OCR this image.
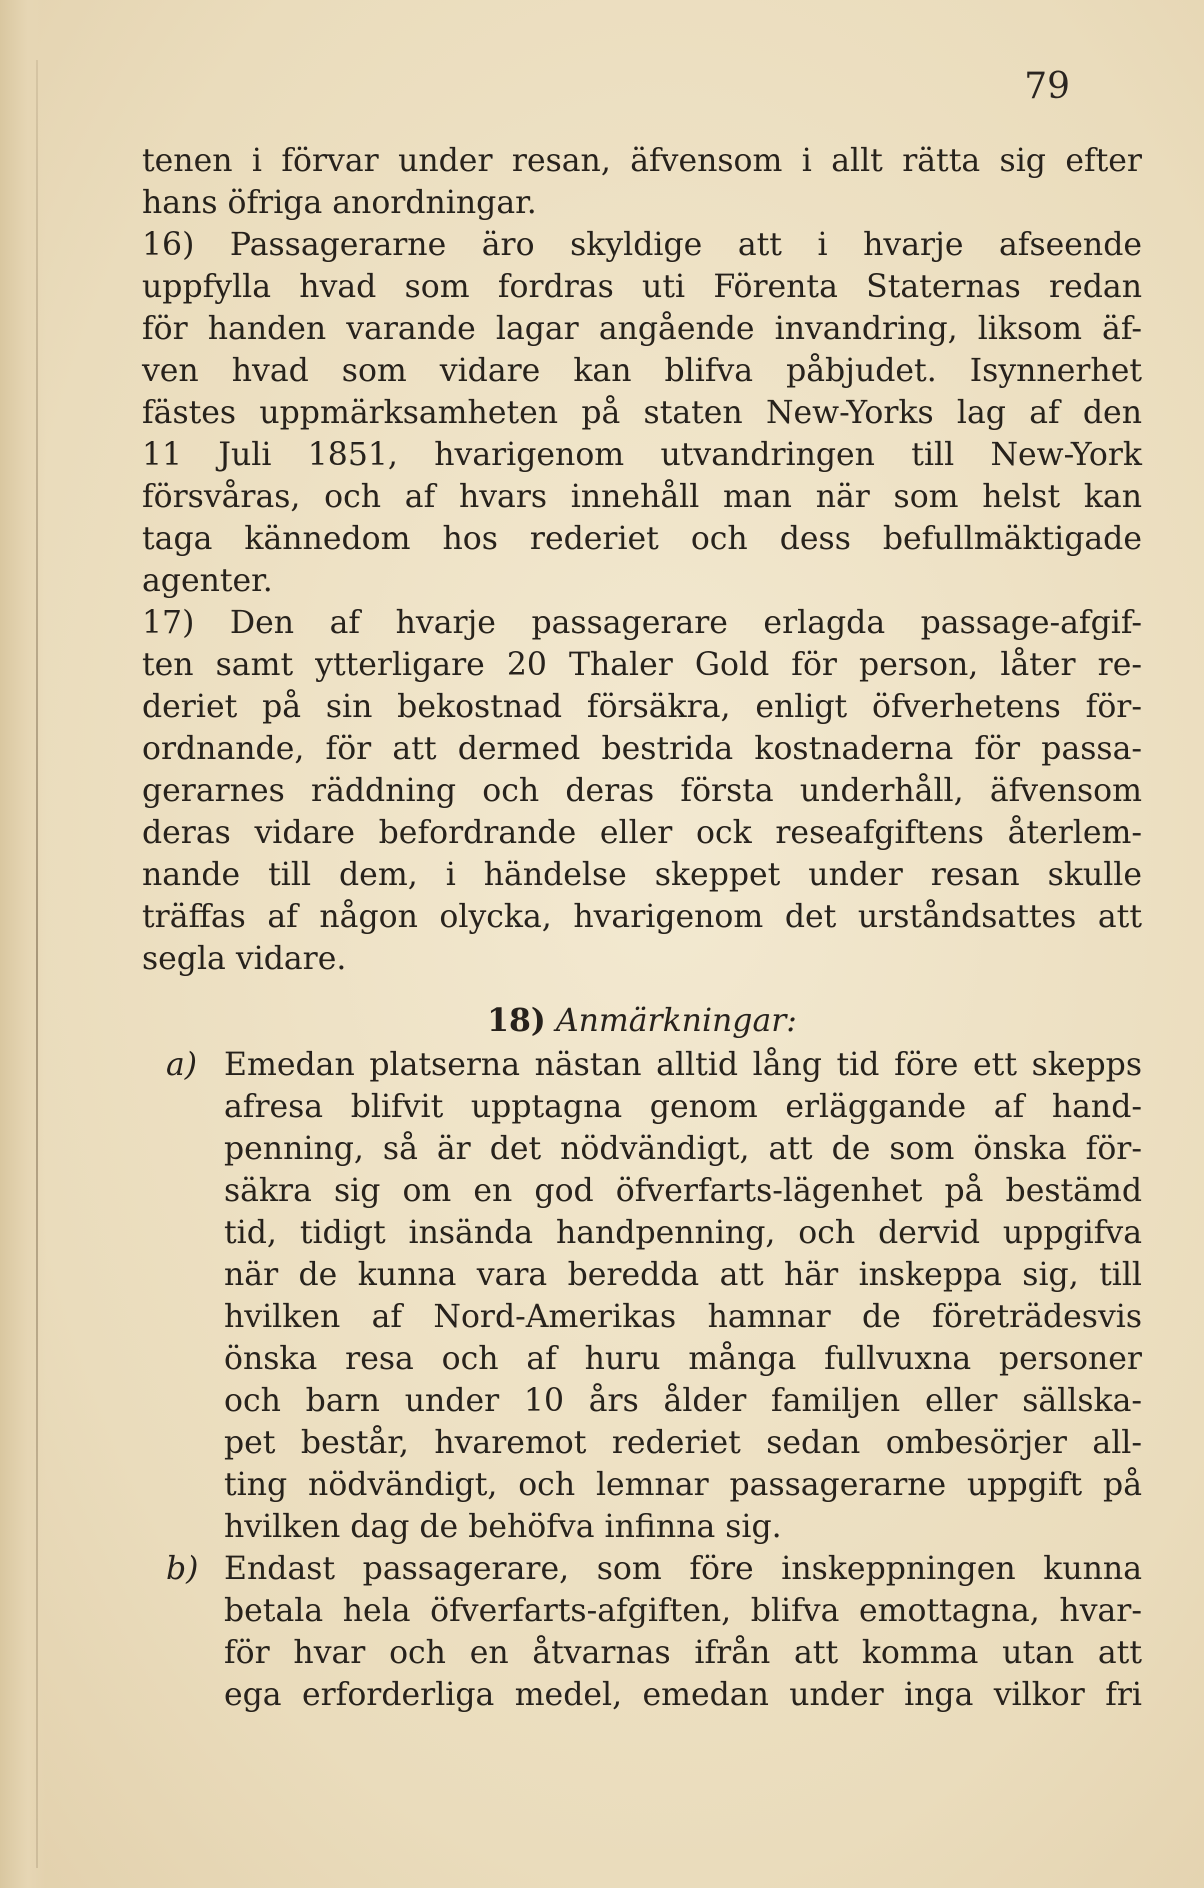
79
tenen i förvar under resan, äfvensom i allt rätta sig efter
hans öfriga anordningar.
16) Passagerarne äro skyldige att i hvarje afseende
uppfylla hvad som fordras uti Förenta Staternas redan
för handen varande lagar angående invandring, liksom äf-
ven hvad som vidare kan blifva påbjudet. Isynnerhet
fästes uppmärksamheten på staten New-Yorks lag af den
11 Juli 1851, hvarigenom utvandringen till New-York
försvåras, och af hvars innehåll man när som helst kan
taga kännedom hos rederiet och dess befullmäktigade
agenter.
17) Den af hvarje passagerare erlagda passage-afgif-
ten samt ytterligare 20 Thaler Gold för person, låter re-
deriet på sin bekostnad försäkra, enligt öfverhetens för-
ordnande, för att dermed bestrida kostnaderna för passa-
gerarnes räddning och deras första underhåll, äfvensom
deras vidare befordrande eller ock reseafgiftens återlem-
nande till dem, i händelse skeppet under resan skulle
träffas af någon olycka, hvarigenom det urståndsattes att
segla vidare.
18) Anmärkningar:
a) Emedan platserna nästan alltid lång tid före ett skepps
afresa blifvit upptagna genom erläggande af hand-
penning, så är det nödvändigt, att de som önska för-
säkra sig om en god öfverfarts-lägenhet på bestämd
tid, tidigt insända handpenning, och dervid uppgifva
när de kunna vara beredda att här inskeppa sig, till
hvilken af Nord-Amerikas hamnar de företrädesvis
önska resa och af huru många fullvuxna personer
och barn under 10 års ålder familjen eller sällska-
pet består, hvaremot rederiet sedan ombesörjer all-
ting nödvändigt, och lemnar passagerarne uppgift på
hvilken dag de behöfva infinna sig.
b) Endast passagerare, som före inskeppningen kunna
betala hela öfverfarts-afgiften, blifva emottagna, hvar-
för hvar och en åtvarnas ifrån att komma utan att
ega erforderliga medel, emedan under inga vilkor fri
